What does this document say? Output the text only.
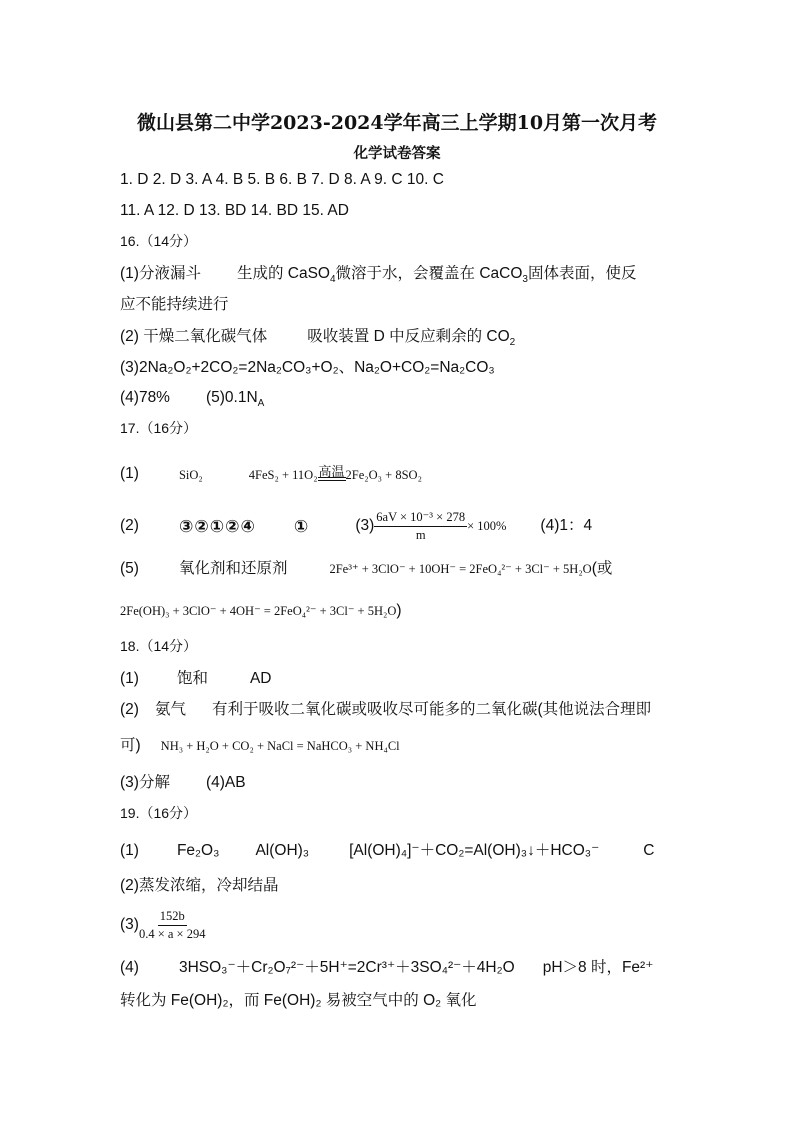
微山县第二中学2023-2024学年高三上学期10月第一次月考
化学试卷答案
1. D 2. D 3. A 4. B 5. B 6. B 7. D 8. A 9. C 10. C
11. A 12. D 13. BD 14. BD 15. AD
16.（14分）
(1)分液漏斗 生成的 CaSO$_4$微溶于水，会覆盖在 CaCO$_3$固体表面，使反
应不能持续进行
(2) 干燥二氧化碳气体	吸收装置 D 中反应剩余的 $CO_2$
(3)2Na₂O₂+2CO₂=2Na₂CO₃+O₂、Na₂O+CO₂=Na₂CO₃
(4)78% $(5)0.1N_A$
17.（16分）
(1)	SiO₂	4FeS₂ + 11O₂ 高温 2Fe₂O₃ + 8SO₂
(2) ③②①②④ ①	$(3) \frac{\text{6aV × 10⁻³ × 278}}{m} \times 100\%$ (4)1：4
(5)	氧化剂和还原剂	2Fe³⁺ + 3ClO⁻ + 10OH⁻ = 2FeO₄²⁻ + 3Cl⁻ + 5H₂O (或
2Fe(OH)₃ + 3ClO⁻ + 4OH⁻ = 2FeO₄²⁻ + 3Cl⁻ + 5H₂O)
18.（14分）
(1) 饱和	AD
(2) 氨气 有利于吸收二氧化碳或吸收尽可能多的二氧化碳(其他说法合理即
可) NH₃ + H₂O + CO₂ + NaCl = NaHCO₃ + NH₄Cl
(3)分解 (4)AB
19.（16分）
(1) Fe₂O₃ Al(OH)₃	[Al(OH)₄]⁻＋CO₂=Al(OH)₃↓＋HCO₃⁻	C
(2)蒸发浓缩，冷却结晶
$(3) \frac{152b}{0.4 \times a \times 294}$
(4)	3HSO₃⁻＋Cr₂O₇²⁻＋5H⁺=2Cr³⁺＋3SO₄²⁻＋4H₂O pH＞8 时，Fe²⁺
转化为 Fe(OH)₂，而 Fe(OH)₂ 易被空气中的 O₂ 氧化
